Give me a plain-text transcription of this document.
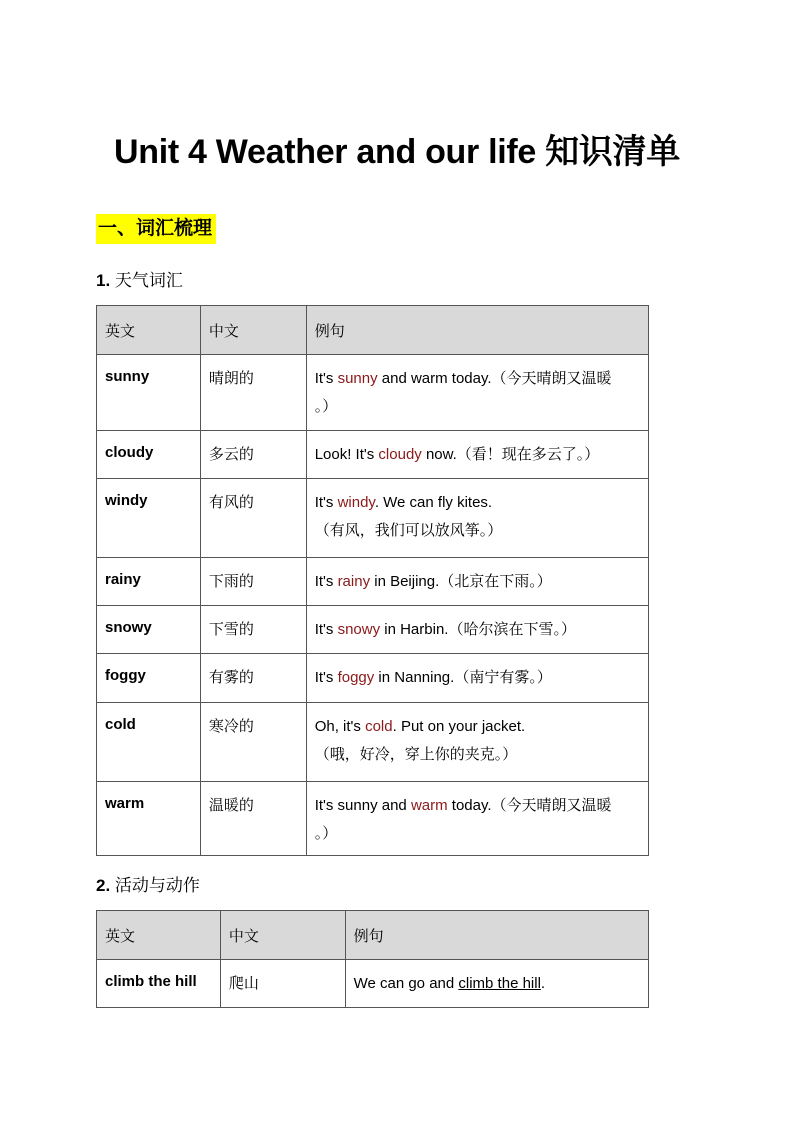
Unit 4 Weather and our life 知识清单
一、词汇梳理

1. 天气词汇

英文	中文	例句
sunny	晴朗的	It's sunny and warm today.（今天晴朗又温暖
。）
cloudy	多云的	Look! It's cloudy now.（看！现在多云了。）
windy	有风的	It's windy. We can fly kites.
（有风，我们可以放风筝。）
rainy	下雨的	It's rainy in Beijing.（北京在下雨。）
snowy	下雪的	It's snowy in Harbin.（哈尔滨在下雪。）
foggy	有雾的	It's foggy in Nanning.（南宁有雾。）
cold	寒冷的	Oh, it's cold. Put on your jacket.
（哦，好冷，穿上你的夹克。）
warm	温暖的	It's sunny and warm today.（今天晴朗又温暖
。）

2. 活动与动作

英文	中文	例句
climb the hill	爬山	We can go and climb the hill.
